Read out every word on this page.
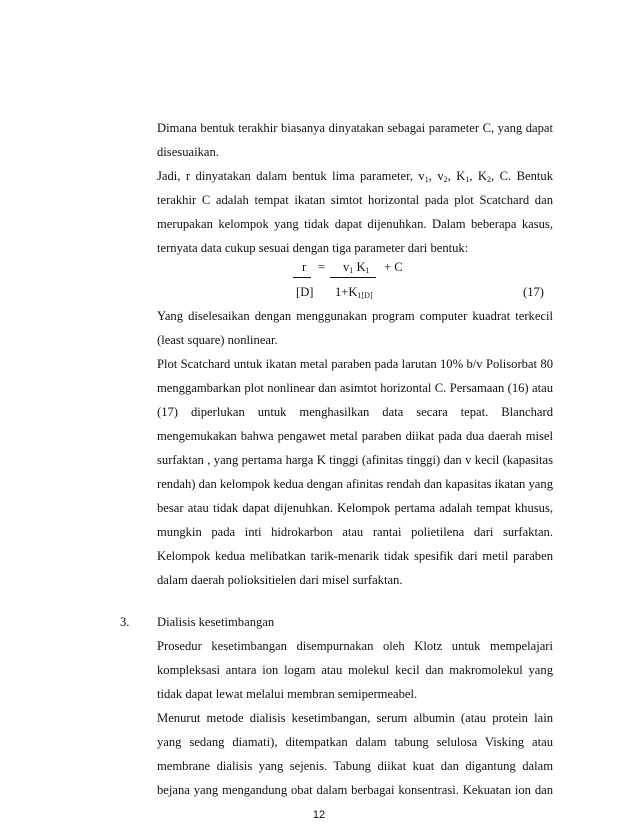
Dimana bentuk terakhir biasanya dinyatakan sebagai parameter C, yang dapat
disesuaikan.
Jadi, r dinyatakan dalam bentuk lima parameter, $v_1$, $v_2$, $K_1$, $K_2$, C. Bentuk
terakhir C adalah tempat ikatan simtot horizontal pada plot Scatchard dan
merupakan kelompok yang tidak dapat dijenuhkan. Dalam beberapa kasus,
ternyata data cukup sesuai dengan tiga parameter dari bentuk:
$r = v_1$ $K_1 + C$
[D] $1+K_{1[D]}$	(17)
Yang diselesaikan dengan menggunakan program computer kuadrat terkecil
(least square) nonlinear.
Plot Scatchard untuk ikatan metal paraben pada larutan 10% b/v Polisorbat 80
menggambarkan plot nonlinear dan asimtot horizontal C. Persamaan (16) atau
(17) diperlukan untuk menghasilkan data secara tepat. Blanchard
mengemukakan bahwa pengawet metal paraben diikat pada dua daerah misel
surfaktan , yang pertama harga K tinggi (afinitas tinggi) dan v kecil (kapasitas
rendah) dan kelompok kedua dengan afinitas rendah dan kapasitas ikatan yang
besar atau tidak dapat dijenuhkan. Kelompok pertama adalah tempat khusus,
mungkin pada inti hidrokarbon atau rantai polietilena dari surfaktan.
Kelompok kedua melibatkan tarik-menarik tidak spesifik dari metil paraben
dalam daerah polioksitielen dari misel surfaktan.
3. Dialisis kesetimbangan
Prosedur kesetimbangan disempurnakan oleh Klotz untuk mempelajari
kompleksasi antara ion logam atau molekul kecil dan makromolekul yang
tidak dapat lewat melalui membran semipermeabel.
Menurut metode dialisis kesetimbangan, serum albumin (atau protein lain
yang sedang diamati), ditempatkan dalam tabung selulosa Visking atau
membrane dialisis yang sejenis. Tabung diikat kuat dan digantung dalam
bejana yang mengandung obat dalam berbagai konsentrasi. Kekuatan ion dan
12
